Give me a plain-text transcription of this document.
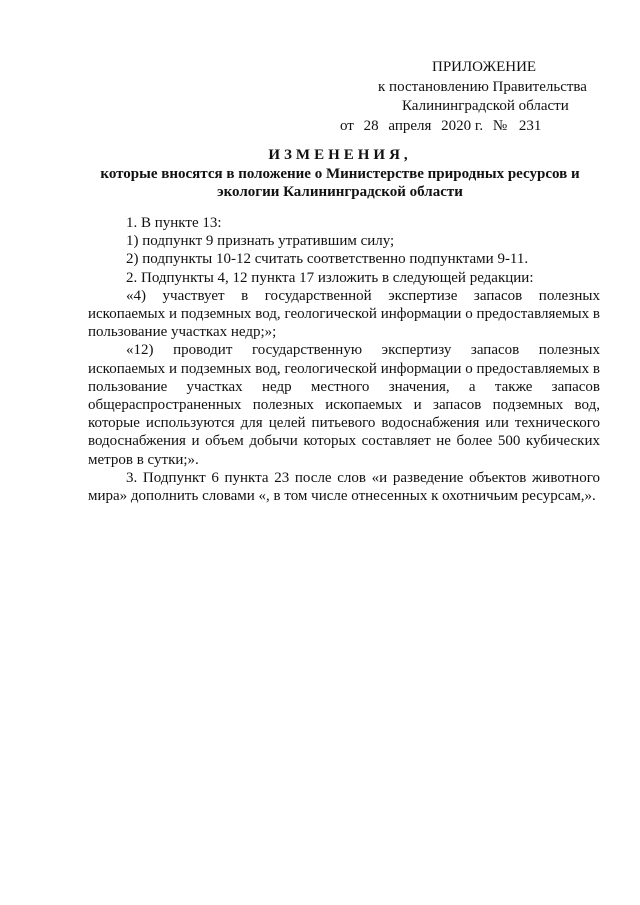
ПРИЛОЖЕНИЕ
к постановлению Правительства
Калининградской области
от 28 апреля 2020 г. № 231
ИЗМЕНЕНИЯ,
которые вносятся в положение о Министерстве природных ресурсов и
экологии Калининградской области

1. В пункте 13:

1) подпункт 9 признать утратившим силу;

2) подпункты 10-12 считать соответственно подпунктами 9-11.

2. Подпункты 4, 12 пункта 17 изложить в следующей редакции:

«4) участвует в государственной экспертизе запасов полезных ископаемых и подземных вод, геологической информации о предоставляемых в пользование участках недр;»;

«12) проводит государственную экспертизу запасов полезных ископаемых и подземных вод, геологической информации о предоставляемых в пользование участках недр местного значения, а также запасов общераспространенных полезных ископаемых и запасов подземных вод, которые используются для целей питьевого водоснабжения или технического водоснабжения и объем добычи которых составляет не более 500 кубических метров в сутки;».

3. Подпункт 6 пункта 23 после слов «и разведение объектов животного мира» дополнить словами «, в том числе отнесенных к охотничьим ресурсам,».
